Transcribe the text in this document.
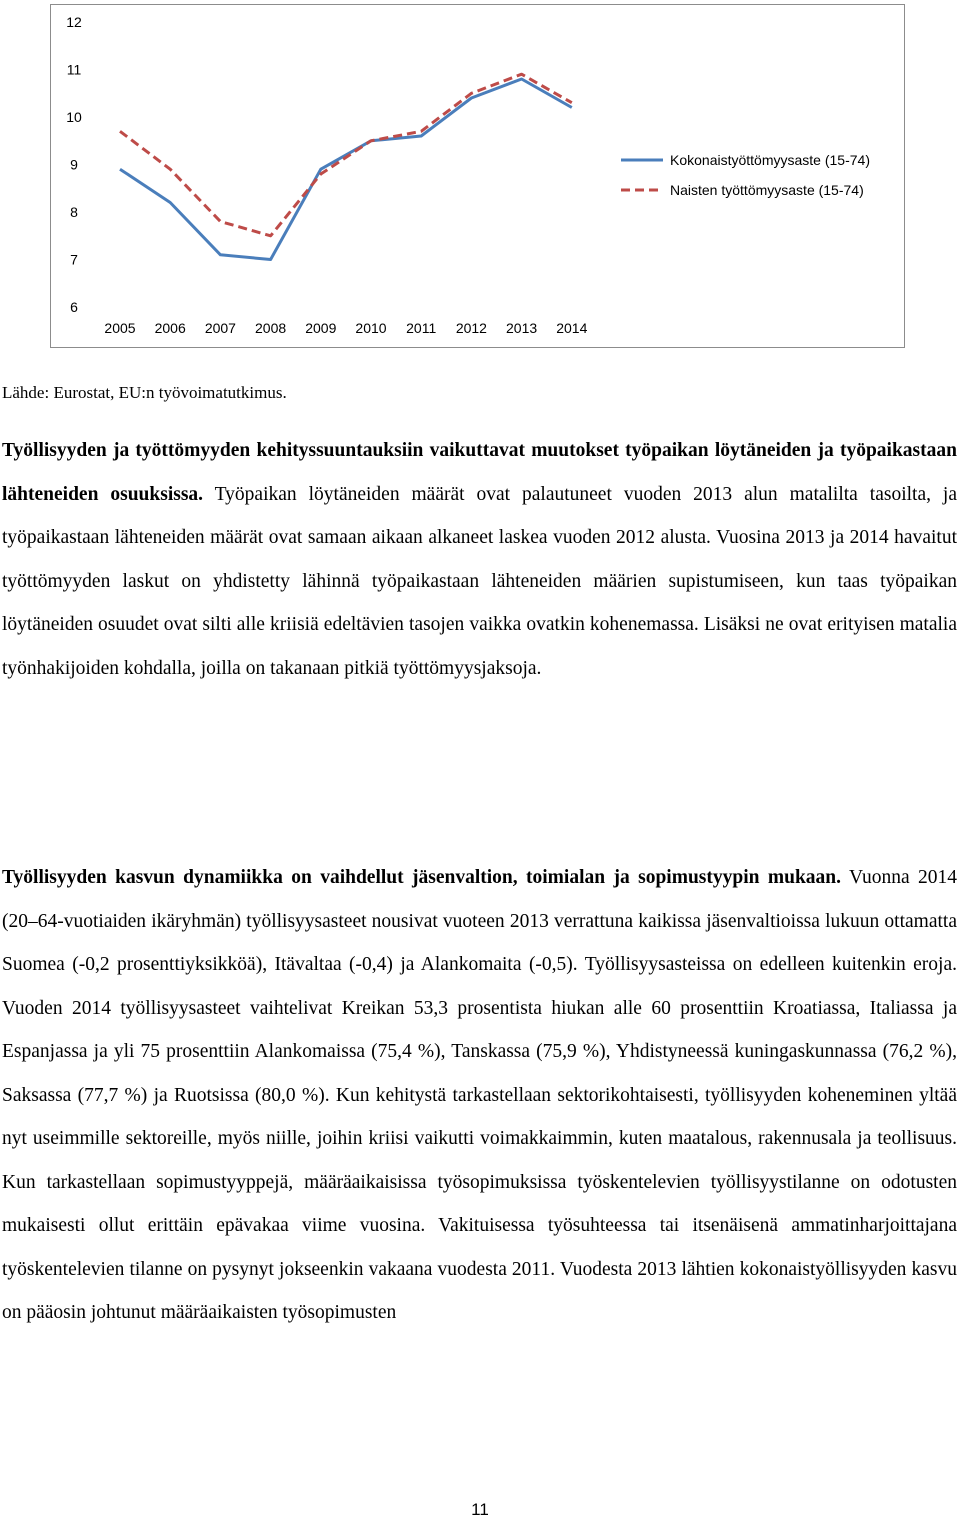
6
7
8
9
10
11
12
2005 2006 2007 2008 2009 2010 2011 2012 2013 2014
Kokonaistyöttömyysaste (15-74)
Naisten työttömyysaste (15-74)
Lähde: Eurostat, EU:n työvoimatutkimus.

Työllisyyden ja työttömyyden kehityssuuntauksiin vaikuttavat muutokset työpaikan löytäneiden ja työpaikastaan lähteneiden osuuksissa. Työpaikan löytäneiden määrät ovat palautuneet vuoden 2013 alun matalilta tasoilta, ja työpaikastaan lähteneiden määrät ovat samaan aikaan alkaneet laskea vuoden 2012 alusta. Vuosina 2013 ja 2014 havaitut työttömyyden laskut on yhdistetty lähinnä työpaikastaan lähteneiden määrien supistumiseen, kun taas työpaikan löytäneiden osuudet ovat silti alle kriisiä edeltävien tasojen vaikka ovatkin kohenemassa. Lisäksi ne ovat erityisen matalia työnhakijoiden kohdalla, joilla on takanaan pitkiä työttömyysjaksoja.

Työllisyyden kasvun dynamiikka on vaihdellut jäsenvaltion, toimialan ja sopimustyypin mukaan. Vuonna 2014 (20–64-vuotiaiden ikäryhmän) työllisyysasteet nousivat vuoteen 2013 verrattuna kaikissa jäsenvaltioissa lukuun ottamatta Suomea (-0,2 prosenttiyksikköä), Itävaltaa (-0,4) ja Alankomaita (-0,5). Työllisyysasteissa on edelleen kuitenkin eroja. Vuoden 2014 työllisyysasteet vaihtelivat Kreikan 53,3 prosentista hiukan alle 60 prosenttiin Kroatiassa, Italiassa ja Espanjassa ja yli 75 prosenttiin Alankomaissa (75,4 %), Tanskassa (75,9 %), Yhdistyneessä kuningaskunnassa (76,2 %), Saksassa (77,7 %) ja Ruotsissa (80,0 %). Kun kehitystä tarkastellaan sektorikohtaisesti, työllisyyden koheneminen yltää nyt useimmille sektoreille, myös niille, joihin kriisi vaikutti voimakkaimmin, kuten maatalous, rakennusala ja teollisuus. Kun tarkastellaan sopimustyyppejä, määräaikaisissa työsopimuksissa työskentelevien työllisyystilanne on odotusten mukaisesti ollut erittäin epävakaa viime vuosina. Vakituisessa työsuhteessa tai itsenäisenä ammatinharjoittajana työskentelevien tilanne on pysynyt jokseenkin vakaana vuodesta 2011. Vuodesta 2013 lähtien kokonaistyöllisyyden kasvu on pääosin johtunut määräaikaisten työsopimusten

11
